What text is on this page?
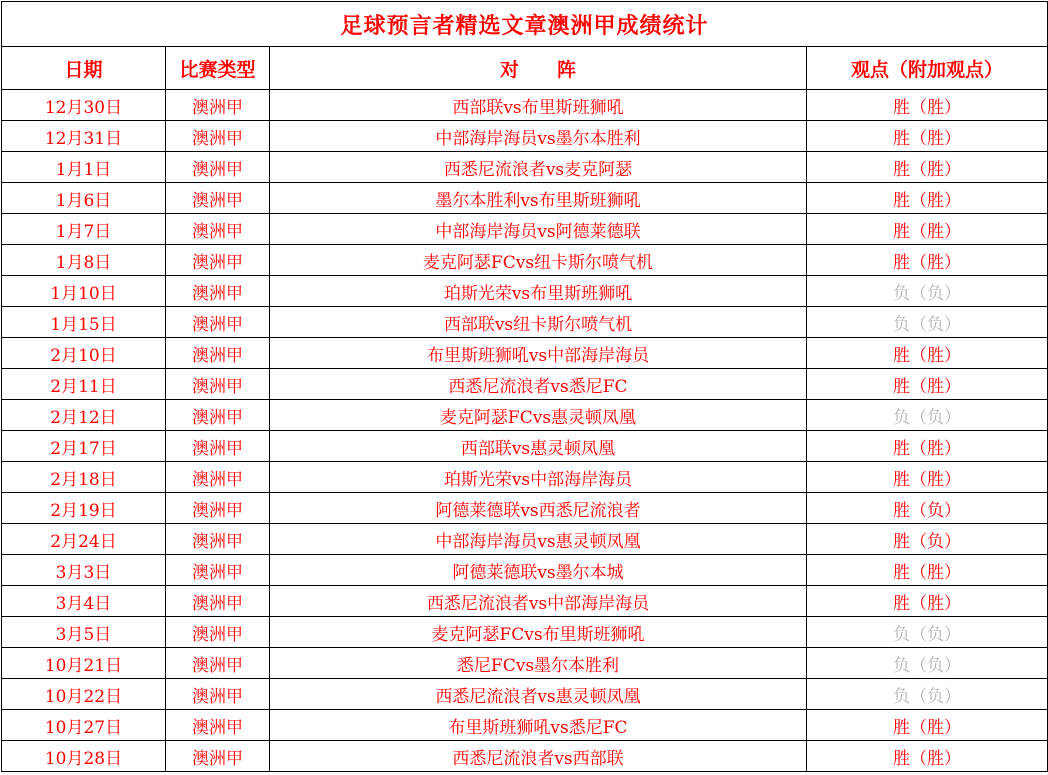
足球预言者精选文章澳洲甲成绩统计			
日期	比赛类型	对　　阵	观点（附加观点）
12月30日	澳洲甲	西部联vs布里斯班狮吼	胜（胜）
12月31日	澳洲甲	中部海岸海员vs墨尔本胜利	胜（胜）
1月1日	澳洲甲	西悉尼流浪者vs麦克阿瑟	胜（胜）
1月6日	澳洲甲	墨尔本胜利vs布里斯班狮吼	胜（胜）
1月7日	澳洲甲	中部海岸海员vs阿德莱德联	胜（胜）
1月8日	澳洲甲	麦克阿瑟FCvs纽卡斯尔喷气机	胜（胜）
1月10日	澳洲甲	珀斯光荣vs布里斯班狮吼	负（负）
1月15日	澳洲甲	西部联vs纽卡斯尔喷气机	负（负）
2月10日	澳洲甲	布里斯班狮吼vs中部海岸海员	胜（胜）
2月11日	澳洲甲	西悉尼流浪者vs悉尼FC	胜（胜）
2月12日	澳洲甲	麦克阿瑟FCvs惠灵顿凤凰	负（负）
2月17日	澳洲甲	西部联vs惠灵顿凤凰	胜（胜）
2月18日	澳洲甲	珀斯光荣vs中部海岸海员	胜（胜）
2月19日	澳洲甲	阿德莱德联vs西悉尼流浪者	胜（负）
2月24日	澳洲甲	中部海岸海员vs惠灵顿凤凰	胜（负）
3月3日	澳洲甲	阿德莱德联vs墨尔本城	胜（胜）
3月4日	澳洲甲	西悉尼流浪者vs中部海岸海员	胜（胜）
3月5日	澳洲甲	麦克阿瑟FCvs布里斯班狮吼	负（负）
10月21日	澳洲甲	悉尼FCvs墨尔本胜利	负（负）
10月22日	澳洲甲	西悉尼流浪者vs惠灵顿凤凰	负（负）
10月27日	澳洲甲	布里斯班狮吼vs悉尼FC	胜（胜）
10月28日	澳洲甲	西悉尼流浪者vs西部联	胜（胜）
